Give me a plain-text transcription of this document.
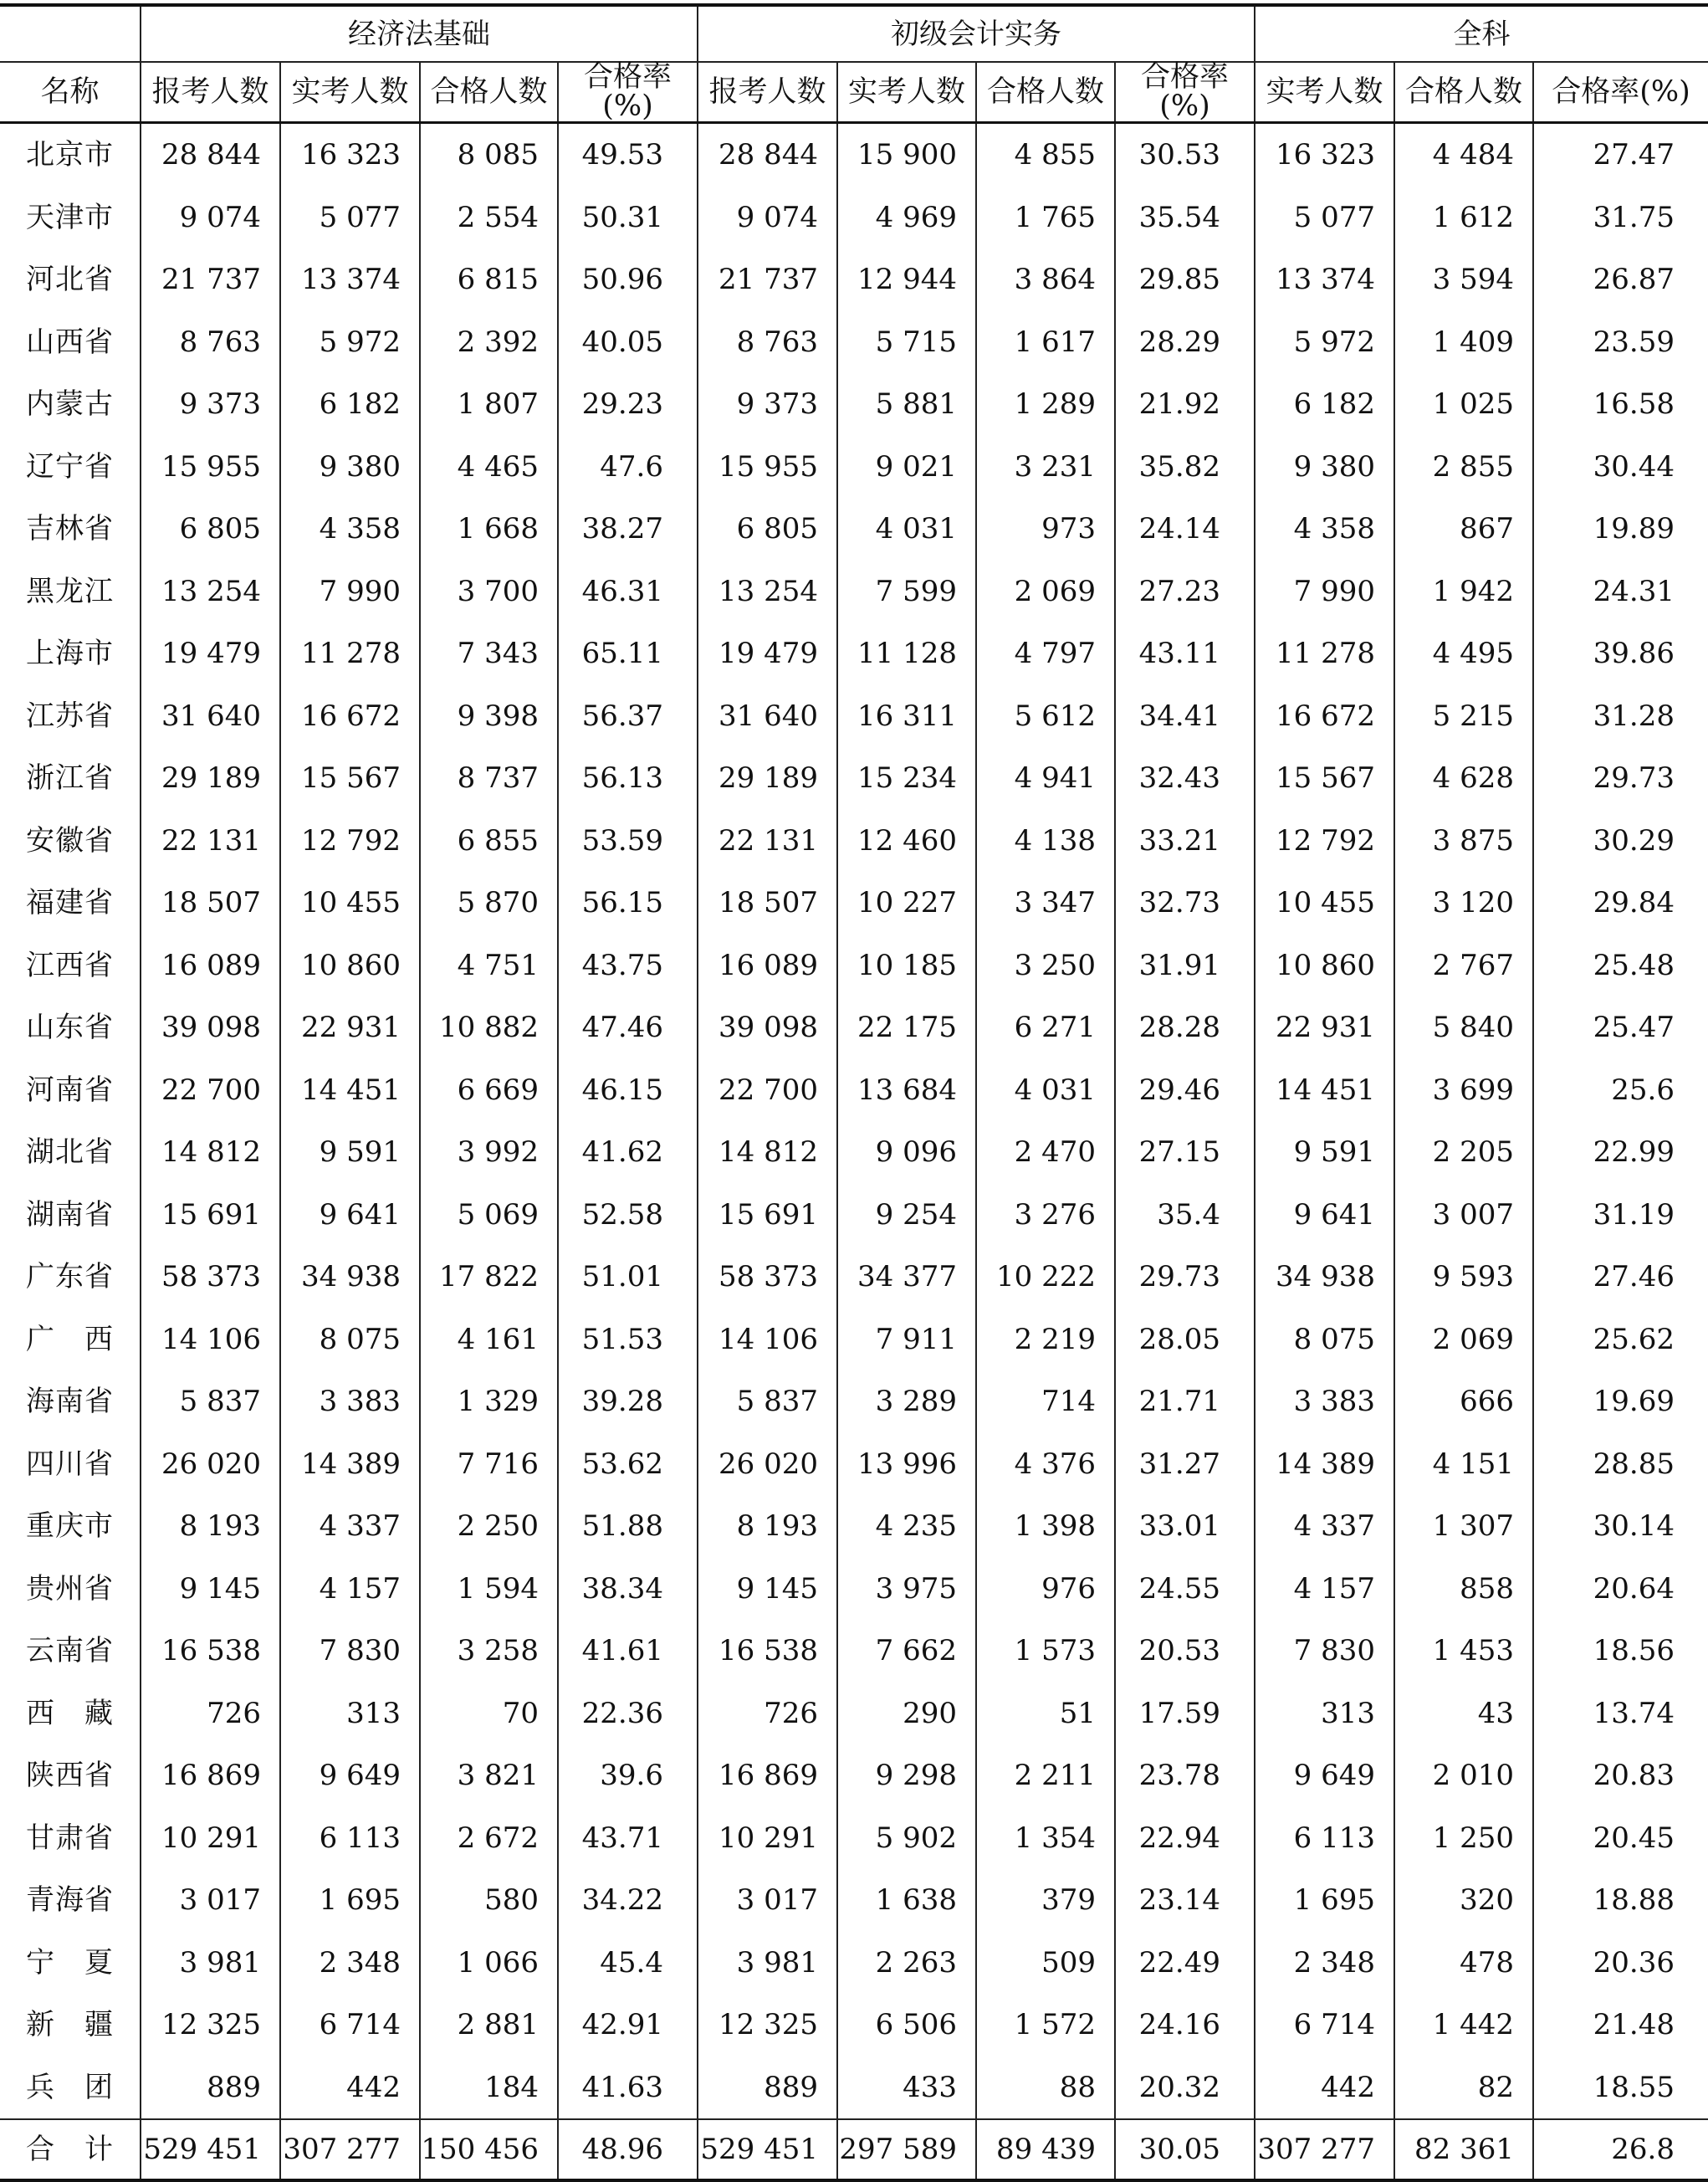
	经济法基础				初级会计实务				全科		
名称	报考人数	实考人数	合格人数	合格率(%)	报考人数	实考人数	合格人数	合格率(%)	实考人数	合格人数	合格率(%)
北京市	28 844	16 323	8 085	49.53	28 844	15 900	4 855	30.53	16 323	4 484	27.47
天津市	9 074	5 077	2 554	50.31	9 074	4 969	1 765	35.54	5 077	1 612	31.75
河北省	21 737	13 374	6 815	50.96	21 737	12 944	3 864	29.85	13 374	3 594	26.87
山西省	8 763	5 972	2 392	40.05	8 763	5 715	1 617	28.29	5 972	1 409	23.59
内蒙古	9 373	6 182	1 807	29.23	9 373	5 881	1 289	21.92	6 182	1 025	16.58
辽宁省	15 955	9 380	4 465	47.6	15 955	9 021	3 231	35.82	9 380	2 855	30.44
吉林省	6 805	4 358	1 668	38.27	6 805	4 031	973	24.14	4 358	867	19.89
黑龙江	13 254	7 990	3 700	46.31	13 254	7 599	2 069	27.23	7 990	1 942	24.31
上海市	19 479	11 278	7 343	65.11	19 479	11 128	4 797	43.11	11 278	4 495	39.86
江苏省	31 640	16 672	9 398	56.37	31 640	16 311	5 612	34.41	16 672	5 215	31.28
浙江省	29 189	15 567	8 737	56.13	29 189	15 234	4 941	32.43	15 567	4 628	29.73
安徽省	22 131	12 792	6 855	53.59	22 131	12 460	4 138	33.21	12 792	3 875	30.29
福建省	18 507	10 455	5 870	56.15	18 507	10 227	3 347	32.73	10 455	3 120	29.84
江西省	16 089	10 860	4 751	43.75	16 089	10 185	3 250	31.91	10 860	2 767	25.48
山东省	39 098	22 931	10 882	47.46	39 098	22 175	6 271	28.28	22 931	5 840	25.47
河南省	22 700	14 451	6 669	46.15	22 700	13 684	4 031	29.46	14 451	3 699	25.6
湖北省	14 812	9 591	3 992	41.62	14 812	9 096	2 470	27.15	9 591	2 205	22.99
湖南省	15 691	9 641	5 069	52.58	15 691	9 254	3 276	35.4	9 641	3 007	31.19
广东省	58 373	34 938	17 822	51.01	58 373	34 377	10 222	29.73	34 938	9 593	27.46
广　西	14 106	8 075	4 161	51.53	14 106	7 911	2 219	28.05	8 075	2 069	25.62
海南省	5 837	3 383	1 329	39.28	5 837	3 289	714	21.71	3 383	666	19.69
四川省	26 020	14 389	7 716	53.62	26 020	13 996	4 376	31.27	14 389	4 151	28.85
重庆市	8 193	4 337	2 250	51.88	8 193	4 235	1 398	33.01	4 337	1 307	30.14
贵州省	9 145	4 157	1 594	38.34	9 145	3 975	976	24.55	4 157	858	20.64
云南省	16 538	7 830	3 258	41.61	16 538	7 662	1 573	20.53	7 830	1 453	18.56
西　藏	726	313	70	22.36	726	290	51	17.59	313	43	13.74
陕西省	16 869	9 649	3 821	39.6	16 869	9 298	2 211	23.78	9 649	2 010	20.83
甘肃省	10 291	6 113	2 672	43.71	10 291	5 902	1 354	22.94	6 113	1 250	20.45
青海省	3 017	1 695	580	34.22	3 017	1 638	379	23.14	1 695	320	18.88
宁　夏	3 981	2 348	1 066	45.4	3 981	2 263	509	22.49	2 348	478	20.36
新　疆	12 325	6 714	2 881	42.91	12 325	6 506	1 572	24.16	6 714	1 442	21.48
兵　团	889	442	184	41.63	889	433	88	20.32	442	82	18.55
合　计	529 451	307 277	150 456	48.96	529 451	297 589	89 439	30.05	307 277	82 361	26.8
